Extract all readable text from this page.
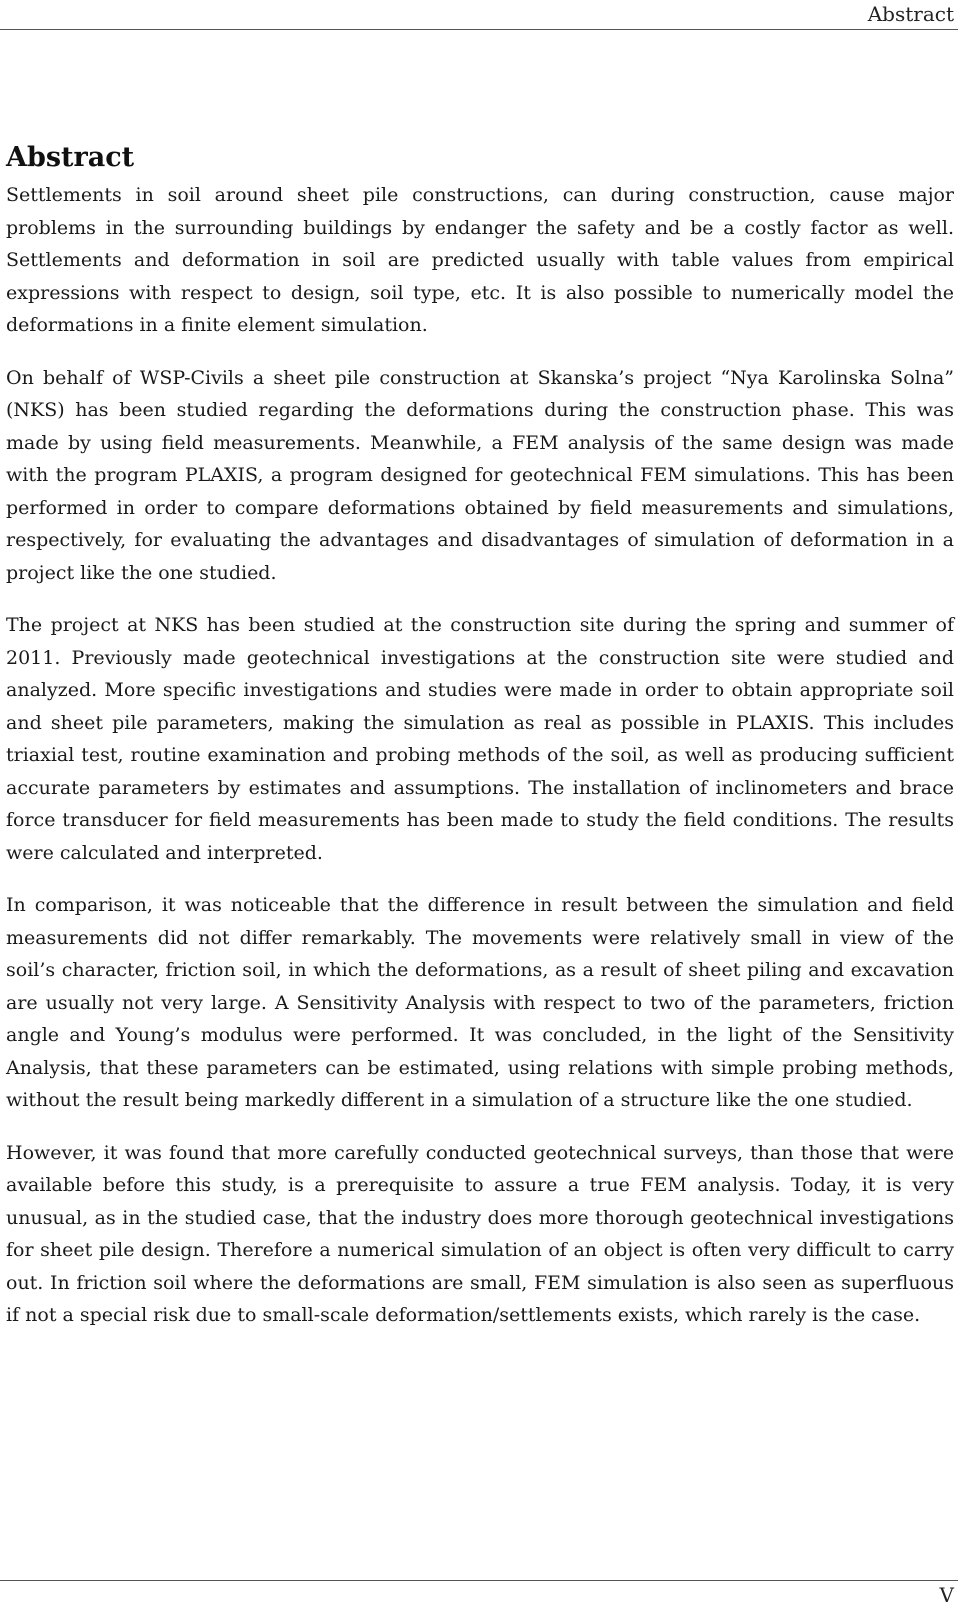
Abstract
Abstract

Settlements in soil around sheet pile constructions, can during construction, cause major problems in the surrounding buildings by endanger the safety and be a costly factor as well. Settlements and deformation in soil are predicted usually with table values from empirical expressions with respect to design, soil type, etc. It is also possible to numerically model the deformations in a finite element simulation.

On behalf of WSP-Civils a sheet pile construction at Skanska’s project “Nya Karolinska Solna” (NKS) has been studied regarding the deformations during the construction phase. This was made by using field measurements. Meanwhile, a FEM analysis of the same design was made with the program PLAXIS, a program designed for geotechnical FEM simulations. This has been performed in order to compare deformations obtained by field measurements and simulations, respectively, for evaluating the advantages and disadvantages of simulation of deformation in a project like the one studied.

The project at NKS has been studied at the construction site during the spring and summer of 2011. Previously made geotechnical investigations at the construction site were studied and analyzed. More specific investigations and studies were made in order to obtain appropriate soil and sheet pile parameters, making the simulation as real as possible in PLAXIS. This includes triaxial test, routine examination and probing methods of the soil, as well as producing sufficient accurate parameters by estimates and assumptions. The installation of inclinometers and brace force transducer for field measurements has been made to study the field conditions. The results were calculated and interpreted.

In comparison, it was noticeable that the difference in result between the simulation and field measurements did not differ remarkably. The movements were relatively small in view of the soil’s character, friction soil, in which the deformations, as a result of sheet piling and excavation are usually not very large. A Sensitivity Analysis with respect to two of the parameters, friction angle and Young’s modulus were performed. It was concluded, in the light of the Sensitivity Analysis, that these parameters can be estimated, using relations with simple probing methods, without the result being markedly different in a simulation of a structure like the one studied.

However, it was found that more carefully conducted geotechnical surveys, than those that were available before this study, is a prerequisite to assure a true FEM analysis. Today, it is very unusual, as in the studied case, that the industry does more thorough geotechnical investigations for sheet pile design. Therefore a numerical simulation of an object is often very difficult to carry out. In friction soil where the deformations are small, FEM simulation is also seen as superfluous if not a special risk due to small-scale deformation/settlements exists, which rarely is the case.

V
